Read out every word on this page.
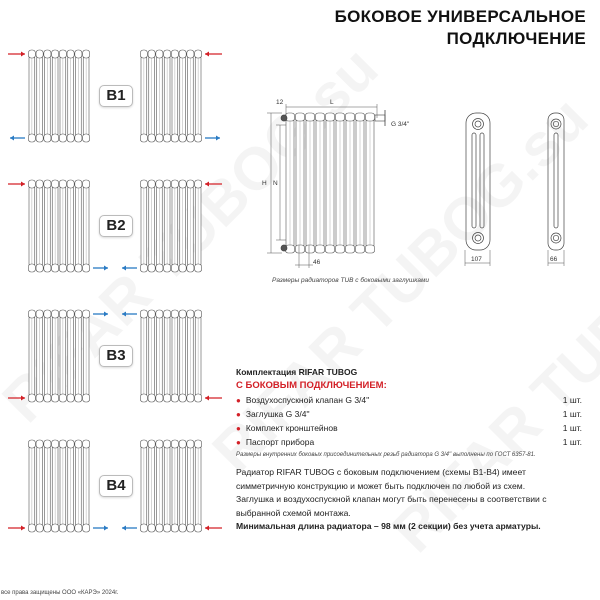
БОКОВОЕ УНИВЕРСАЛЬНОЕ
ПОДКЛЮЧЕНИЕ
B1
B2
B3
B4
12	L
G 3/4''
H N
46	107	66
Размеры радиаторов TUB с боковыми заглушками
Комплектация RIFAR TUBOG
С БОКОВЫМ ПОДКЛЮЧЕНИЕМ:
● Воздухоспускной клапан G 3/4''	1 шт.
● Заглушка G 3/4''	1 шт.
● Комплект кронштейнов	1 шт.
● Паспорт прибора	1 шт.
Размеры внутренних боковых присоединительных резьб радиатора G 3/4'' выполнены по ГОСТ 6357-81.

Радиатор RIFAR TUBOG с боковым подключением (схемы В1-В4) имеет симметричную конструкцию и может быть подключен по любой из схем.

Заглушка и воздухоспускной клапан могут быть перенесены в соответствии с выбранной схемой монтажа.

Минимальная длина радиатора – 98 мм (2 секции) без учета арматуры.

все права защищены ООО «КАРЭ» 2024г.
